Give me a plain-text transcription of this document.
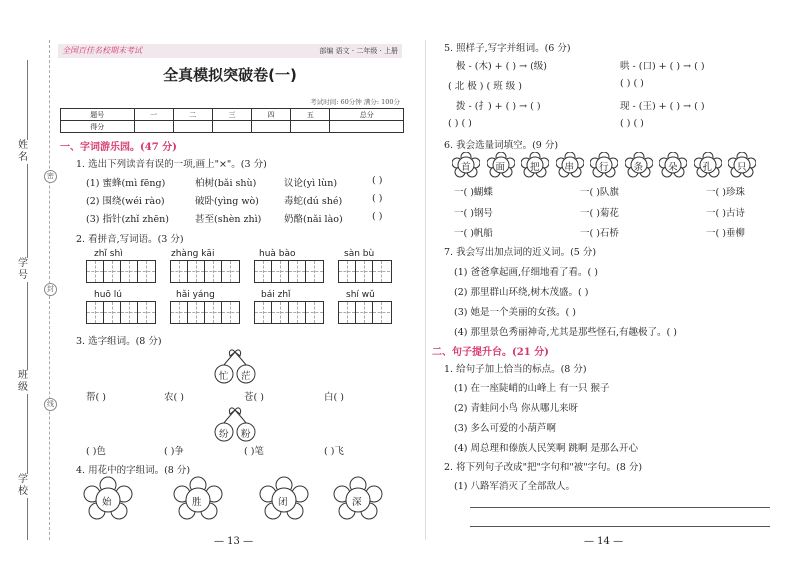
姓名
学号
班级
学校
密
封
线
全国百佳名校期末考试	部编 语文 · 二年级 · 上册
全真模拟突破卷(一)
考试时间: 60分钟 满分: 100分
题号	一	二	三	四	五	总分
得分						
一、字词游乐园。(47 分)
1. 选出下列读音有误的一项,画上"×"。(3 分)
(1) 蜜蜂(mì fēng)	柏树(bǎi shù)	议论(yì lùn)	( )
(2) 围绕(wéi rào)	破卧(yìng wò)	毒蛇(dú shé)	( )
(3) 指针(zhǐ zhēn)	甚至(shèn zhì) 奶酪(nǎi lào)	( )
2. 看拼音,写词语。(3 分)
zhǐ shì	zhàng kāi	huà bào	sàn bù
huō lú	hǎi yáng	bái zhǐ	shí wǔ
3. 选字组词。(8 分)
忙 茫
帮( )	农( )	苍( )	白( )
纷 粉
( )色	( )争	( )笔	( )飞
4. 用花中的字组词。(8 分)
始	胜	闭	深
— 13 —
5. 照样子,写字并组词。(6 分)
极 - (木) + ( ) → (级)	哄 - (口) + ( ) → ( )
( 北 极 ) ( 班 级 )	( ) ( )
拨 - (扌) + ( ) → ( )	现 - (王) + ( ) → ( )
( ) ( )	( ) ( )
6. 我会选量词填空。(9 分)
首	面	把	串	行	条	朵	孔	只
一( )蝴蝶	一( )队旗	一( )珍珠
一( )钢号	一( )菊花	一( )古诗
一( )帆船	一( )石桥	一( )垂柳
7. 我会写出加点词的近义词。(5 分)
(1) 爸爸拿起画,仔细地看了看。( )
(2) 那里群山环绕,树木茂盛。( )
(3) 她是一个美丽的女孩。( )
(4) 那里景色秀丽神奇,尤其是那些怪石,有趣极了。( )
二、句子提升台。(21 分)
1. 给句子加上恰当的标点。(8 分)
(1) 在一座陡峭的山峰上 有一只 猴子
(2) 青蛙问小鸟 你从哪儿来呀
(3) 多么可爱的小葫芦啊
(4) 周总理和傣族人民笑啊 跳啊 是那么开心
2. 将下列句子改成"把"字句和"被"字句。(8 分)
(1) 八路军消灭了全部敌人。
— 14 —
